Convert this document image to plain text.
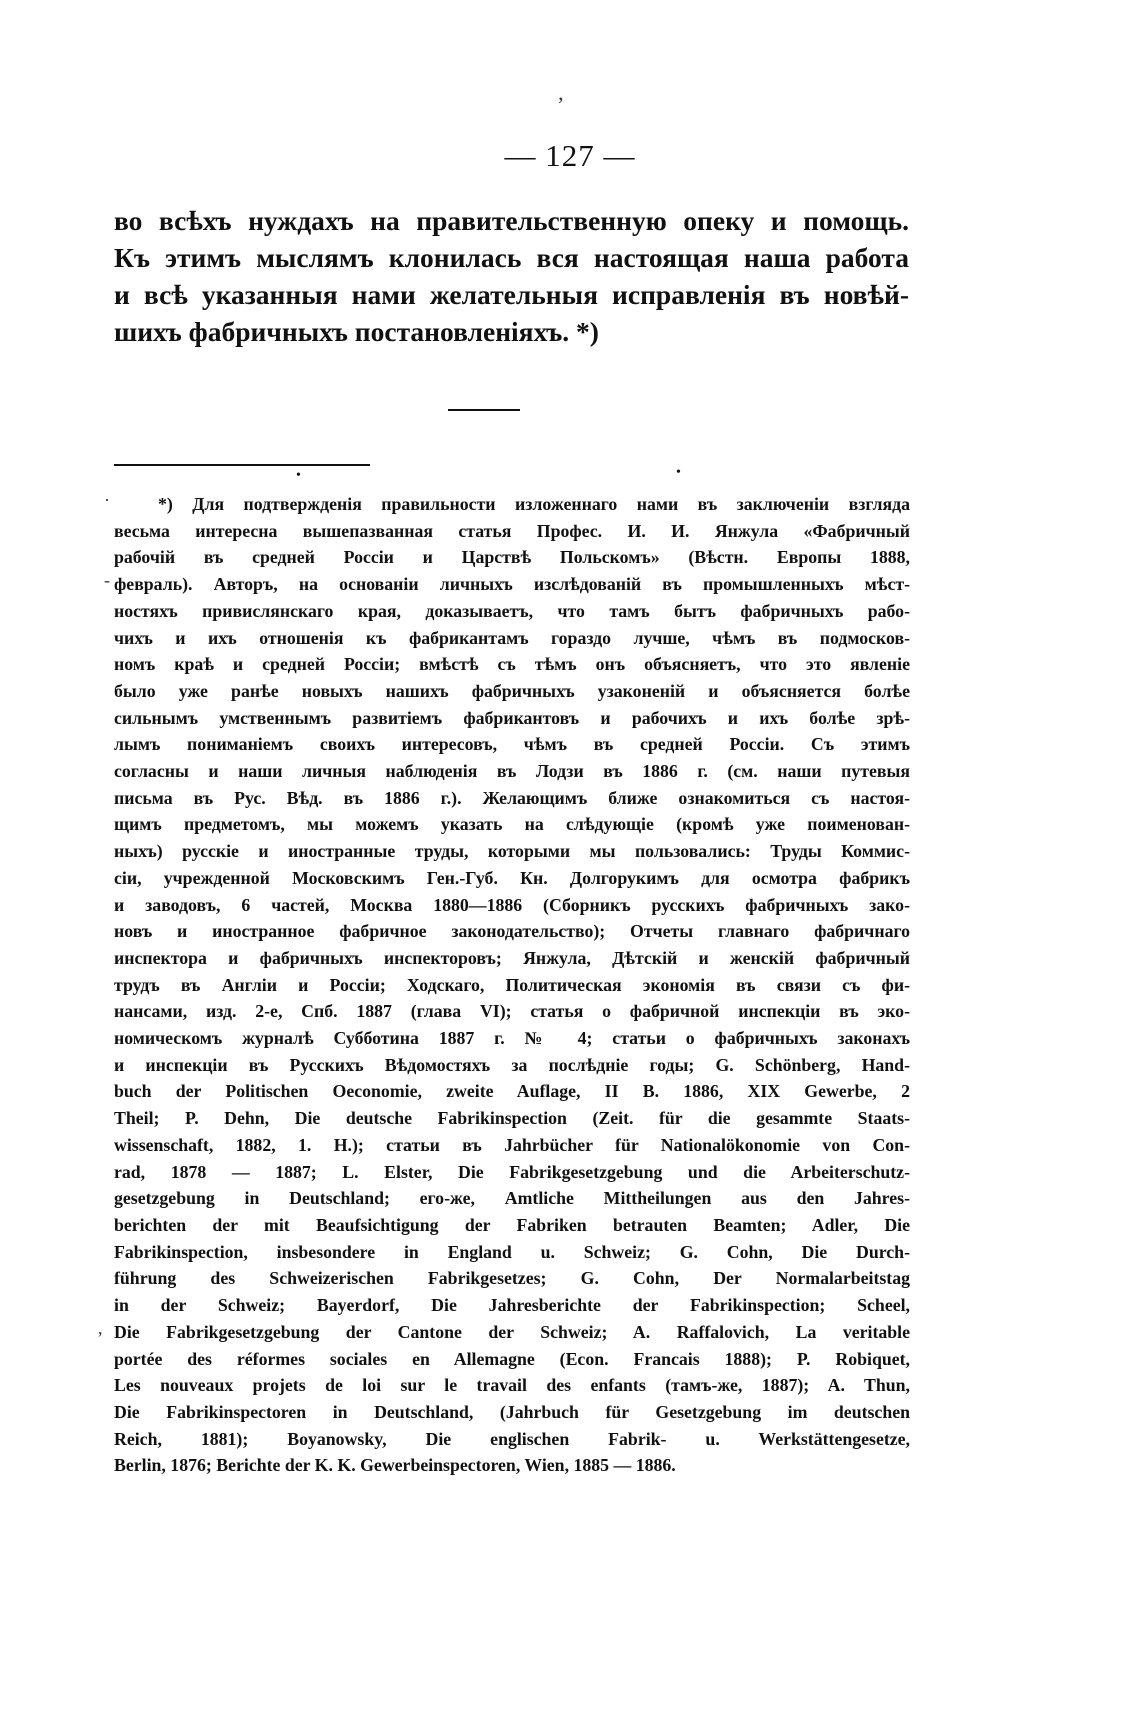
‚
— 127 —
во всѣхъ нуждахъ на правительственную опеку и помощь.
Къ этимъ мыслямъ клонилась вся настоящая наша работа
и всѣ указанныя нами желательныя исправленія въ новѣй-
шихъ фабричныхъ постановленіяхъ. *)
•	•
·
-
,
*) Для подтвержденія правильности изложеннаго нами въ заключеніи взгляда
весьма интересна вышепазванная статья Профес. И. И. Янжула «Фабричный
рабочій въ средней Россіи и Царствѣ Польскомъ» (Вѣстн. Европы 1888,
февраль). Авторъ, на основаніи личныхъ изслѣдованій въ промышленныхъ мѣст-
ностяхъ привислянскаго края, доказываетъ, что тамъ бытъ фабричныхъ рабо-
чихъ и ихъ отношенія къ фабрикантамъ гораздо лучше, чѣмъ въ подмосков-
номъ краѣ и средней Россіи; вмѣстѣ съ тѣмъ онъ объясняетъ, что это явленіе
было уже ранѣе новыхъ нашихъ фабричныхъ узаконеній и объясняется болѣе
сильнымъ умственнымъ развитіемъ фабрикантовъ и рабочихъ и ихъ болѣе зрѣ-
лымъ пониманіемъ своихъ интересовъ, чѣмъ въ средней Россіи. Съ этимъ
согласны и наши личныя наблюденія въ Лодзи въ 1886 г. (см. наши путевыя
письма въ Рус. Вѣд. въ 1886 г.). Желающимъ ближе ознакомиться съ настоя-
щимъ предметомъ, мы можемъ указать на слѣдующіе (кромѣ уже поименован-
ныхъ) русскіе и иностранные труды, которыми мы пользовались: Труды Коммис-
сіи, учрежденной Московскимъ Ген.-Губ. Кн. Долгорукимъ для осмотра фабрикъ
и заводовъ, 6 частей, Москва 1880—1886 (Сборникъ русскихъ фабричныхъ зако-
новъ и иностранное фабричное законодательство); Отчеты главнаго фабричнаго
инспектора и фабричныхъ инспекторовъ; Янжула, Дѣтскій и женскій фабричный
трудъ въ Англіи и Россіи; Ходскаго, Политическая экономія въ связи съ фи-
нансами, изд. 2-е, Спб. 1887 (глава VI); статья о фабричной инспекціи въ эко-
номическомъ журналѣ Субботина 1887 г. № 4; статьи о фабричныхъ законахъ
и инспекціи въ Русскихъ Вѣдомостяхъ за послѣдніе годы; G. Schönberg, Hand-
buch der Politischen Oeconomie, zweite Auflage, II B. 1886, XIX Gewerbe, 2
Theil; P. Dehn, Die deutsche Fabrikinspection (Zeit. für die gesammte Staats-
wissenschaft, 1882, 1. H.); статьи въ Jahrbücher für Nationalökonomie von Con-
rad, 1878 — 1887; L. Elster, Die Fabrikgesetzgebung und die Arbeiterschutz-
gesetzgebung in Deutschland; его-же, Amtliche Mittheilungen aus den Jahres-
berichten der mit Beaufsichtigung der Fabriken betrauten Beamten; Adler, Die
Fabrikinspection, insbesondere in England u. Schweiz; G. Cohn, Die Durch-
führung des Schweizerischen Fabrikgesetzes; G. Cohn, Der Normalarbeitstag
in der Schweiz; Bayerdorf, Die Jahresberichte der Fabrikinspection; Scheel,
Die Fabrikgesetzgebung der Cantone der Schweiz; A. Raffalovich, La veritable
portée des réformes sociales en Allemagne (Econ. Francais 1888); P. Robiquet,
Les nouveaux projets de loi sur le travail des enfants (тамъ-же, 1887); A. Thun,
Die Fabrikinspectoren in Deutschland, (Jahrbuch für Gesetzgebung im deutschen
Reich, 1881); Boyanowsky, Die englischen Fabrik- u. Werkstättengesetze,
Berlin, 1876; Berichte der K. K. Gewerbeinspectoren, Wien, 1885 — 1886.
